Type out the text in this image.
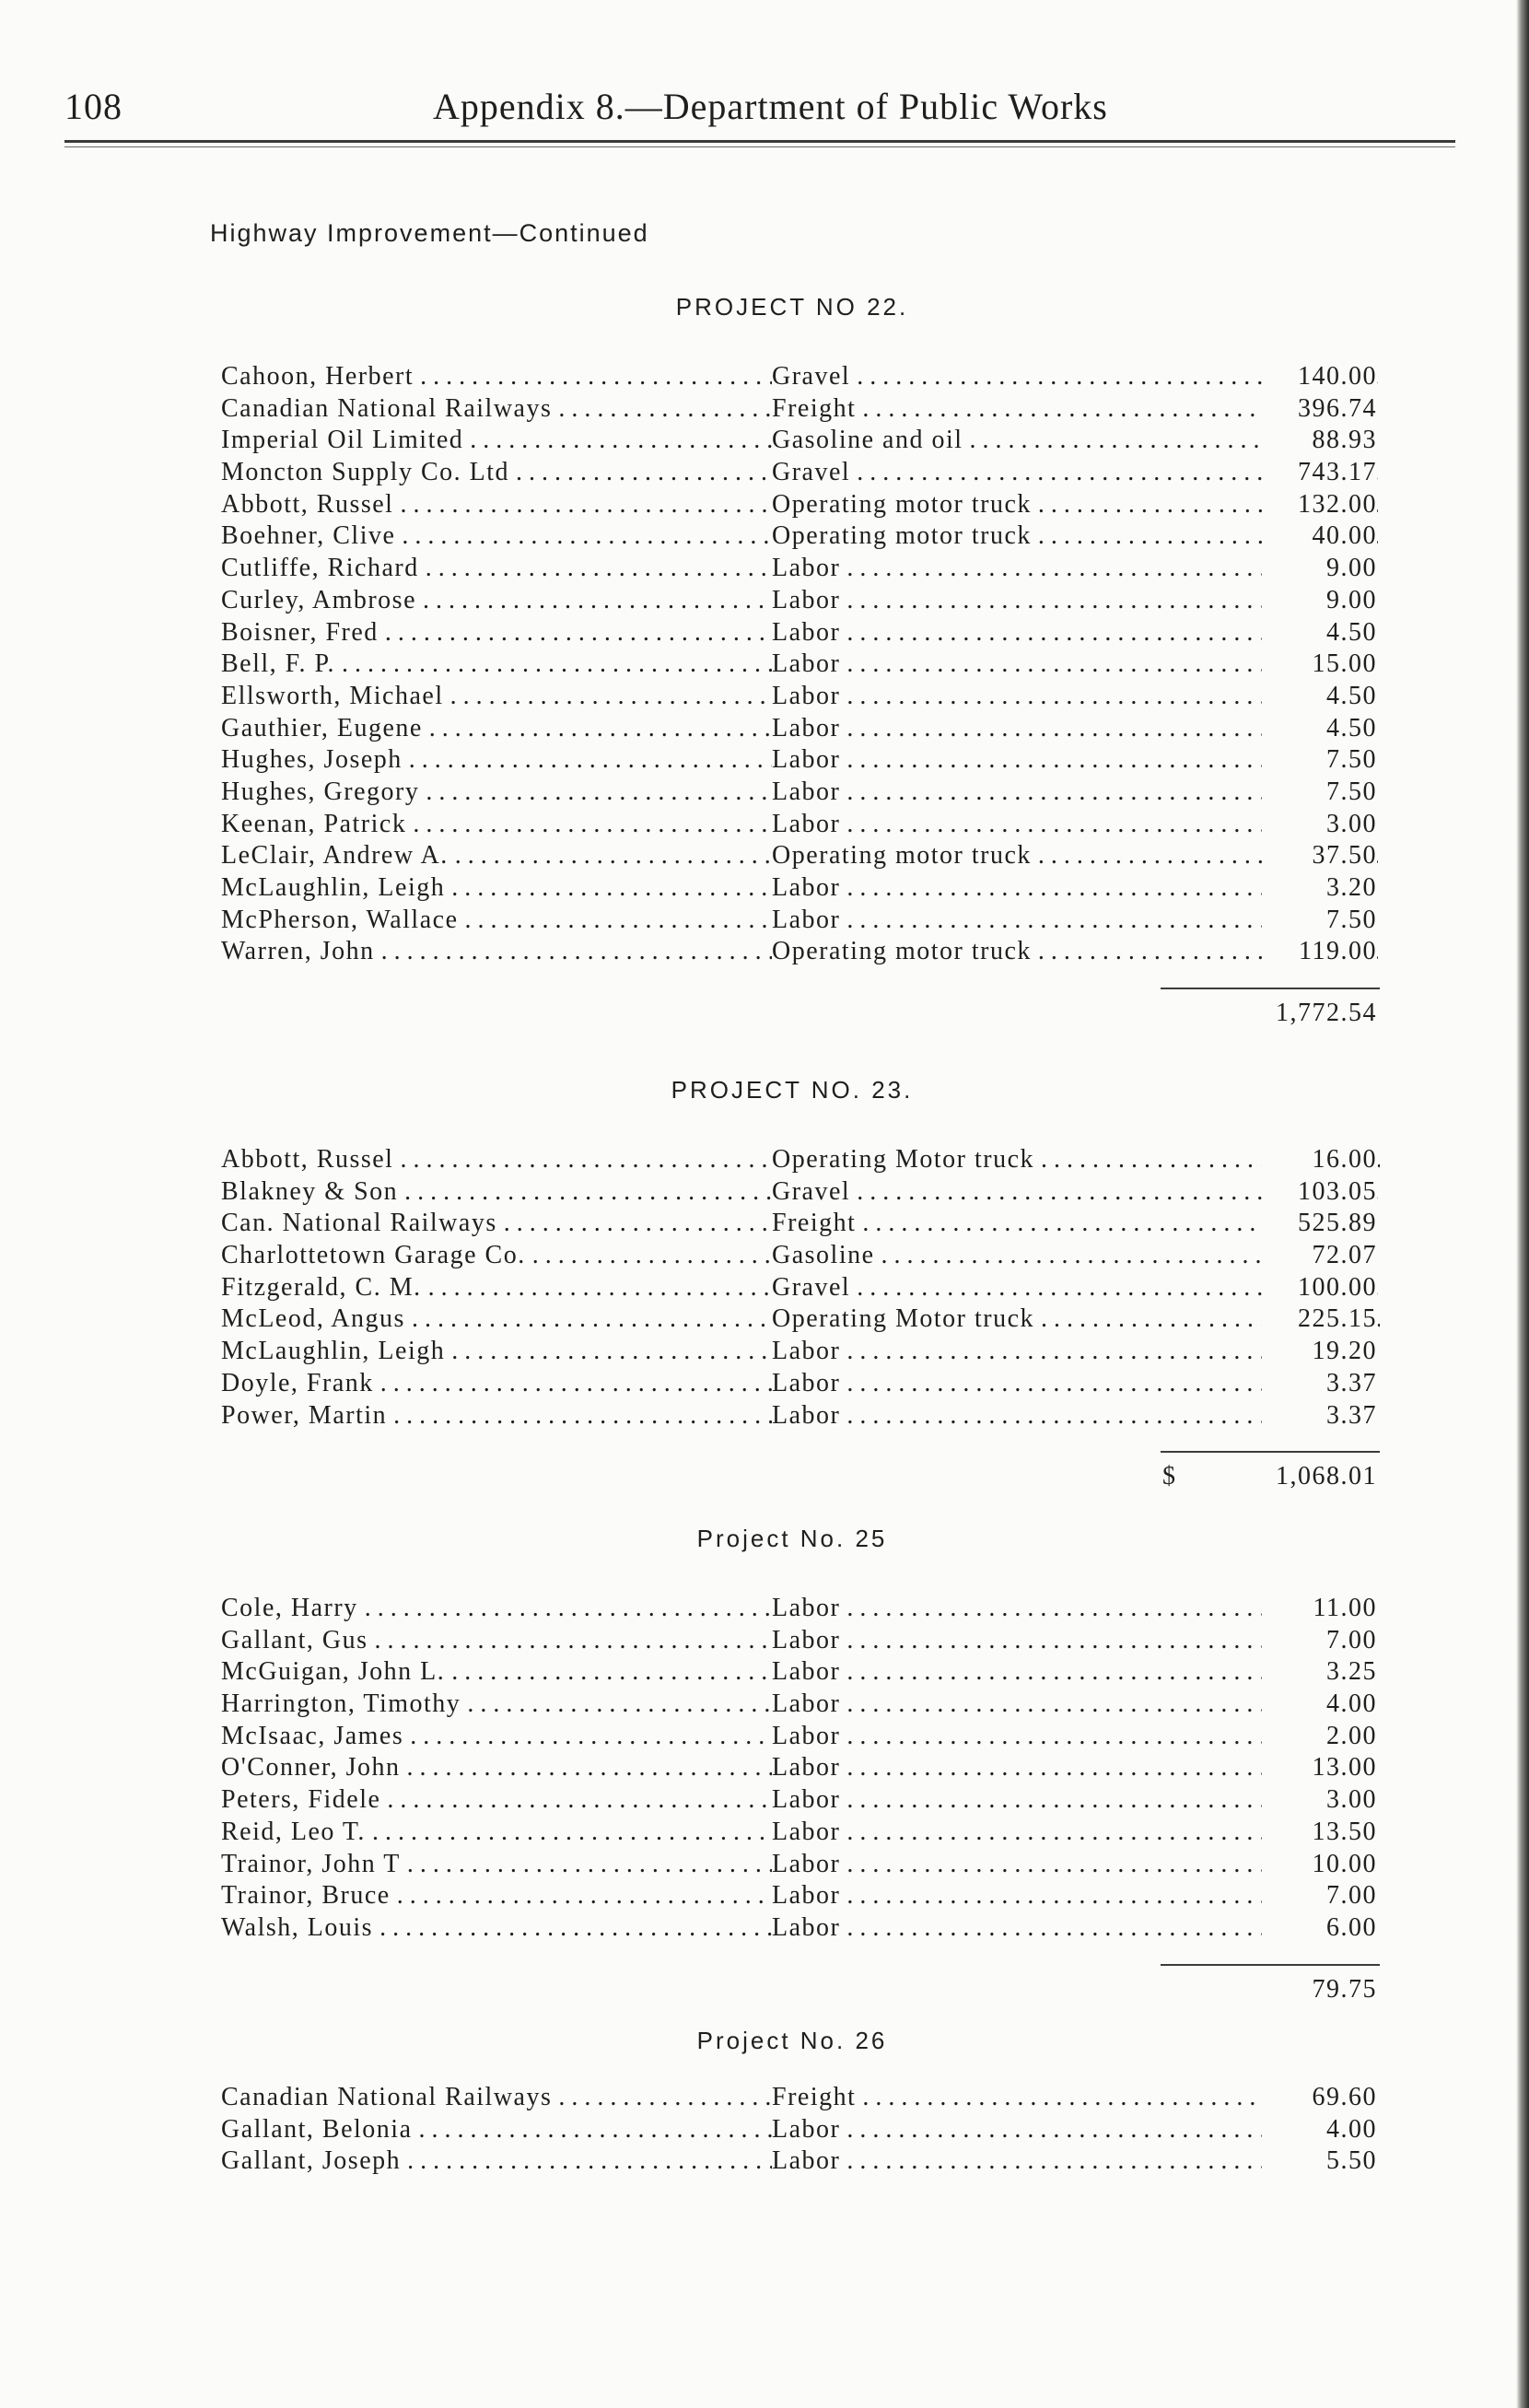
108	Appendix 8.—Department of Public Works
Highway Improvement—Continued
PROJECT NO 22.
Cahoon, Herbert . . .	Gravel . . .	140.00
Canadian National Railways . . .	Freight . . .	396.74
Imperial Oil Limited . . .	Gasoline and oil . . .	88.93
Moncton Supply Co. Ltd . . .	Gravel . . .	743.17
Abbott, Russel . . .	Operating motor truck . . .	132.00
Boehner, Clive . . .	Operating motor truck . . .	40.00
Cutliffe, Richard . . .	Labor . . .	9.00
Curley, Ambrose . . .	Labor . . .	9.00
Boisner, Fred . . .	Labor . . .	4.50
Bell, F. P. . . .	Labor . . .	15.00
Ellsworth, Michael . . .	Labor . . .	4.50
Gauthier, Eugene . . .	Labor . . .	4.50
Hughes, Joseph . . .	Labor . . .	7.50
Hughes, Gregory . . .	Labor . . .	7.50
Keenan, Patrick . . .	Labor . . .	3.00
LeClair, Andrew A. . . .	Operating motor truck . . .	37.50
McLaughlin, Leigh . . .	Labor . . .	3.20
McPherson, Wallace . . .	Labor . . .	7.50
Warren, John . . .	Operating motor truck . . .	119.00
1,772.54
PROJECT NO. 23.
Abbott, Russel . . .	Operating Motor truck . . .	16.00
Blakney & Son . . .	Gravel . . .	103.05
Can. National Railways . . .	Freight . . .	525.89
Charlottetown Garage Co. . . .	Gasoline . . .	72.07
Fitzgerald, C. M. . . .	Gravel . . .	100.00
McLeod, Angus . . .	Operating Motor truck . . .	225.15
McLaughlin, Leigh . . .	Labor . . .	19.20
Doyle, Frank . . .	Labor . . .	3.37
Power, Martin . . .	Labor . . .	3.37
$	1,068.01
Project No. 25
Cole, Harry . . .	Labor . . .	11.00
Gallant, Gus . . .	Labor . . .	7.00
McGuigan, John L. . . .	Labor . . .	3.25
Harrington, Timothy . . .	Labor . . .	4.00
McIsaac, James . . .	Labor . . .	2.00
O'Conner, John . . .	Labor . . .	13.00
Peters, Fidele . . .	Labor . . .	3.00
Reid, Leo T. . . .	Labor . . .	13.50
Trainor, John T . . .	Labor . . .	10.00
Trainor, Bruce . . .	Labor . . .	7.00
Walsh, Louis . . .	Labor . . .	6.00
79.75
Project No. 26
Canadian National Railways . . .	Freight . . .	69.60
Gallant, Belonia . . .	Labor . . .	4.00
Gallant, Joseph . . .	Labor . . .	5.50
